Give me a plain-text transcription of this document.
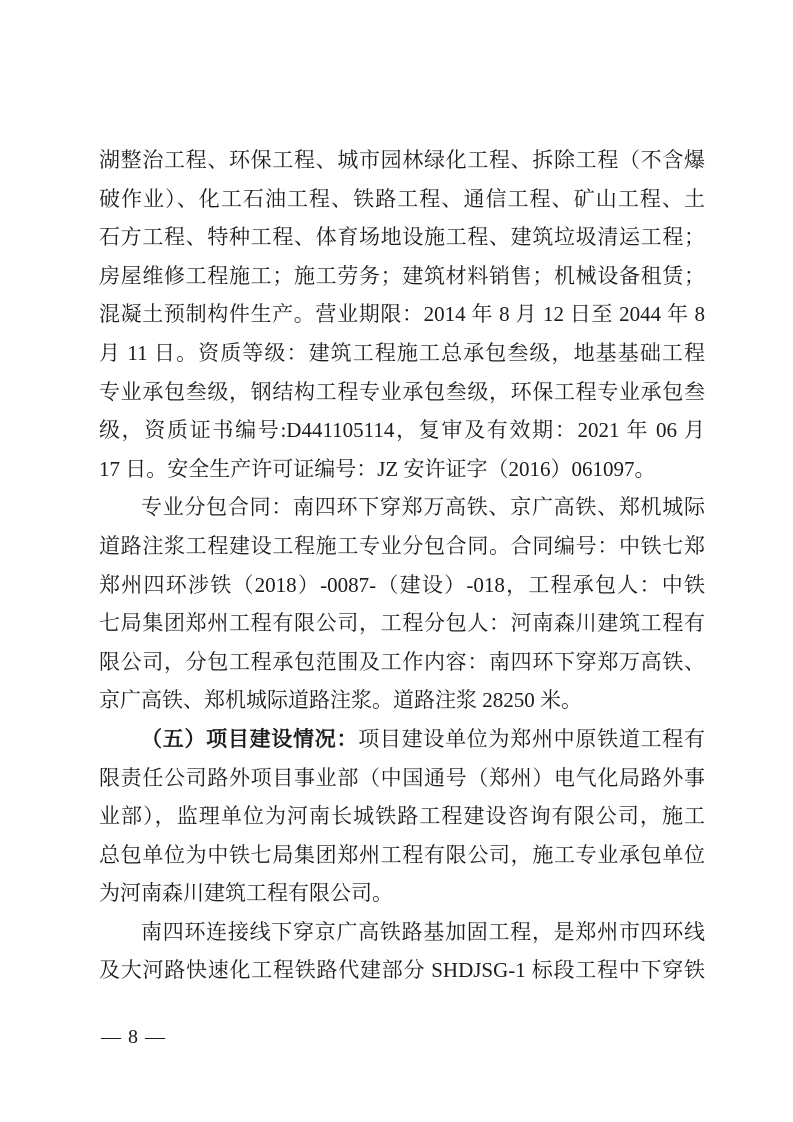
湖整治工程、环保工程、城市园林绿化工程、拆除工程（不含爆
破作业）、化工石油工程、铁路工程、通信工程、矿山工程、土
石方工程、特种工程、体育场地设施工程、建筑垃圾清运工程；
房屋维修工程施工；施工劳务；建筑材料销售；机械设备租赁；
混凝土预制构件生产。营业期限：2014 年 8 月 12 日至 2044 年 8
月 11 日。资质等级：建筑工程施工总承包叁级，地基基础工程
专业承包叁级，钢结构工程专业承包叁级，环保工程专业承包叁
级，资质证书编号:D441105114，复审及有效期：2021 年 06 月
17 日。安全生产许可证编号：JZ 安许证字（2016）061097。
专业分包合同：南四环下穿郑万高铁、京广高铁、郑机城际
道路注浆工程建设工程施工专业分包合同。合同编号：中铁七郑
郑州四环涉铁（2018）-0087-（建设）-018，工程承包人：中铁
七局集团郑州工程有限公司，工程分包人：河南森川建筑工程有
限公司，分包工程承包范围及工作内容：南四环下穿郑万高铁、
京广高铁、郑机城际道路注浆。道路注浆 28250 米。
（五）项目建设情况：项目建设单位为郑州中原铁道工程有
限责任公司路外项目事业部（中国通号（郑州）电气化局路外事
业部），监理单位为河南长城铁路工程建设咨询有限公司，施工
总包单位为中铁七局集团郑州工程有限公司，施工专业承包单位
为河南森川建筑工程有限公司。
南四环连接线下穿京广高铁路基加固工程，是郑州市四环线
及大河路快速化工程铁路代建部分 SHDJSG-1 标段工程中下穿铁
— 8 —
